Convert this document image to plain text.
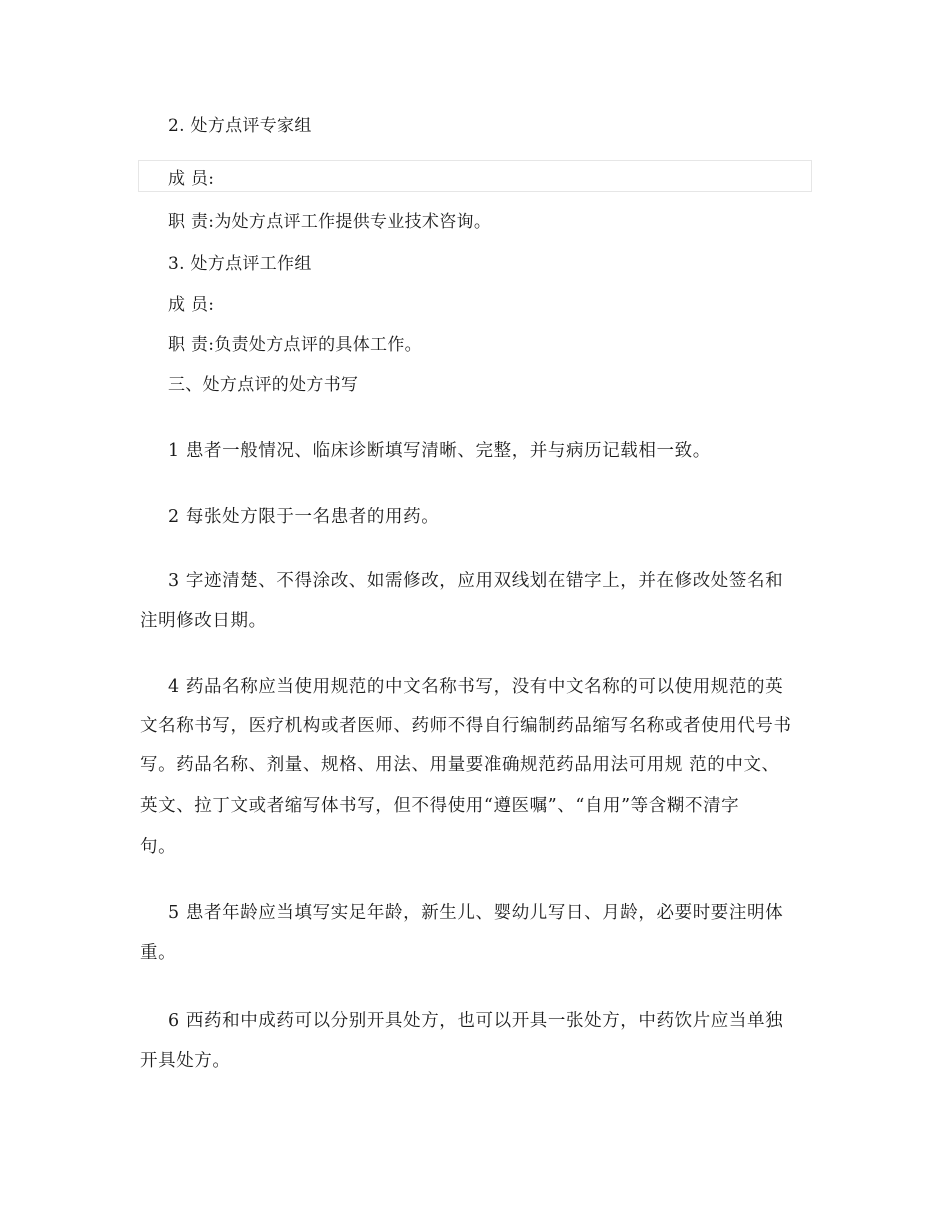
2. 处方点评专家组
成 员:
职 责:为处方点评工作提供专业技术咨询。
3. 处方点评工作组
成 员:
职 责:负责处方点评的具体工作。
三、处方点评的处方书写
1 患者一般情况、临床诊断填写清晰、完整，并与病历记载相一致。
2 每张处方限于一名患者的用药。
3 字迹清楚、不得涂改、如需修改，应用双线划在错字上，并在修改处签名和
注明修改日期。
4 药品名称应当使用规范的中文名称书写，没有中文名称的可以使用规范的英
文名称书写，医疗机构或者医师、药师不得自行编制药品缩写名称或者使用代号书
写。药品名称、剂量、规格、用法、用量要准确规范药品用法可用规 范的中文、
英文、拉丁文或者缩写体书写，但不得使用“遵医嘱”、“自用”等含糊不清字
句。
5 患者年龄应当填写实足年龄，新生儿、婴幼儿写日、月龄，必要时要注明体
重。
6 西药和中成药可以分别开具处方，也可以开具一张处方，中药饮片应当单独
开具处方。
